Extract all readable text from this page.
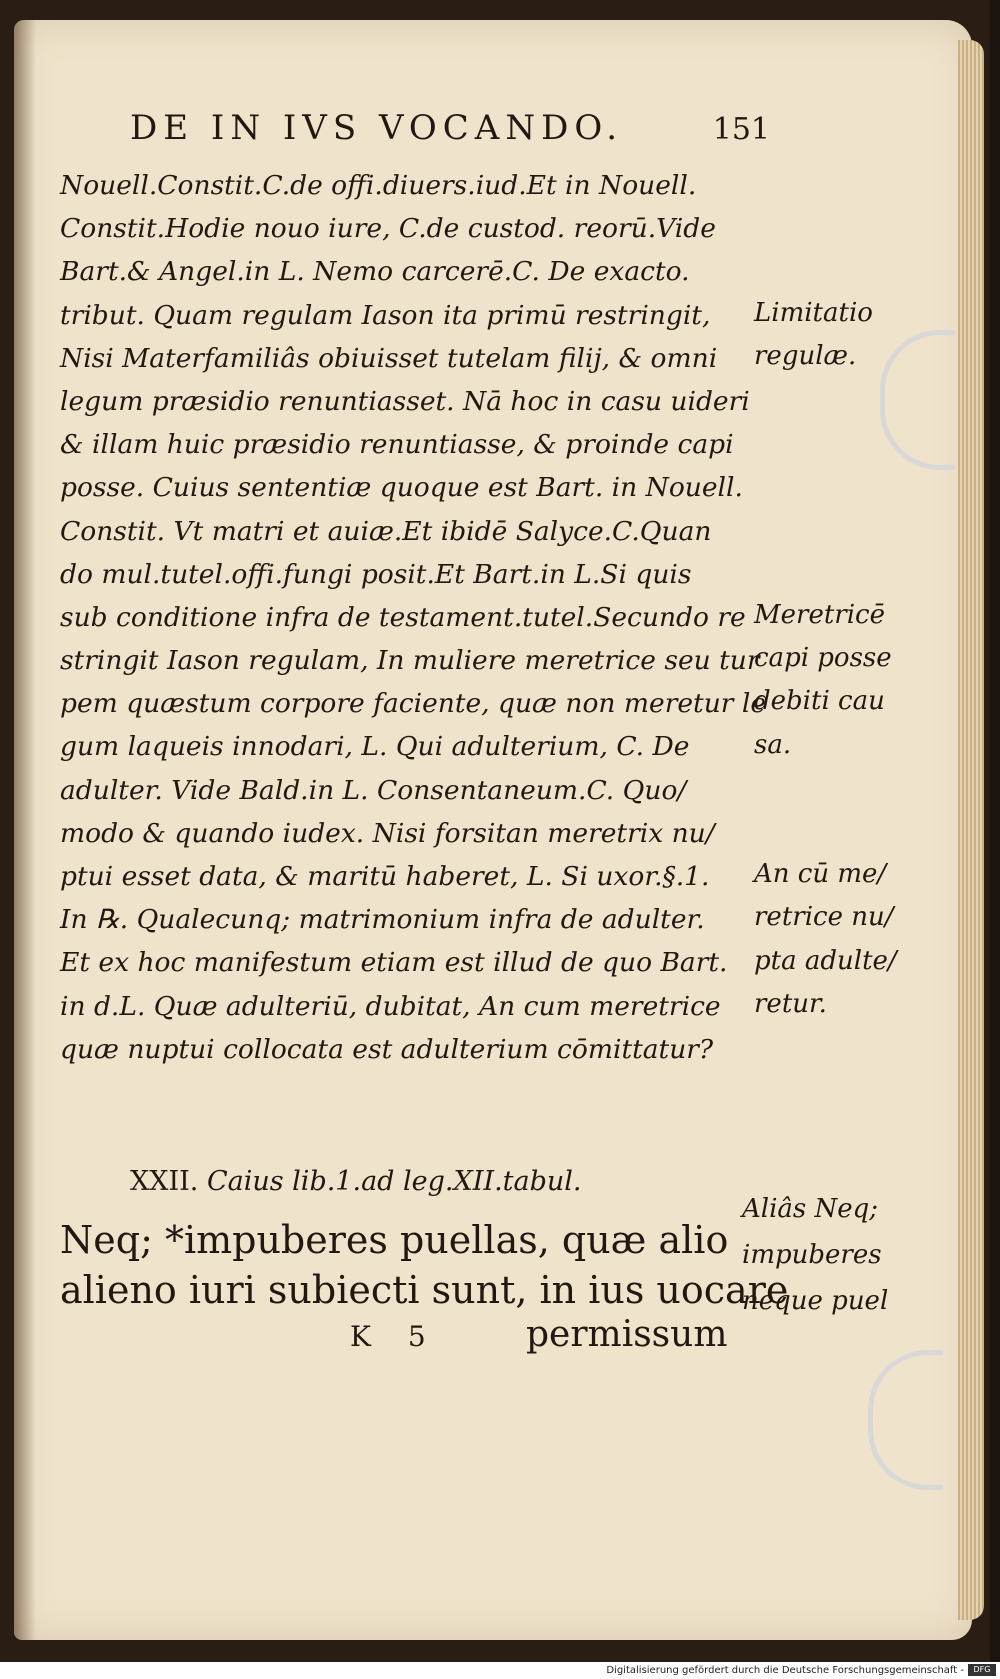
DE IN IVS VOCANDO.	151
Nouell.Constit.C.de offi.diuers.iud.Et in Nouell.
Constit.Hodie nouo iure, C.de custod. reorū.Vide
Bart.& Angel.in L. Nemo carcerē.C. De exacto.
tribut. Quam regulam Iason ita primū restringit,
Nisi Materfamiliâs obiuisset tutelam filij, & omni
legum præsidio renuntiasset. Nā hoc in casu uideri
& illam huic præsidio renuntiasse, & proinde capi
posse. Cuius sententiæ quoque est Bart. in Nouell.
Constit. Vt matri et auiæ.Et ibidē Salyce.C.Quan
do mul.tutel.offi.fungi posit.Et Bart.in L.Si quis
sub conditione infra de testament.tutel.Secundo re
stringit Iason regulam, In muliere meretrice seu tur
pem quæstum corpore faciente, quæ non meretur le
gum laqueis innodari, L. Qui adulterium, C. De
adulter. Vide Bald.in L. Consentaneum.C. Quo/
modo & quando iudex. Nisi forsitan meretrix nu/
ptui esset data, & maritū haberet, L. Si uxor.§.1.
In ℞. Qualecunq; matrimonium infra de adulter.
Et ex hoc manifestum etiam est illud de quo Bart.
in d.L. Quæ adulteriū, dubitat, An cum meretrice
quæ nuptui collocata est adulterium cōmittatur?
Limitatio
regulæ.
Meretricē
capi posse
debiti cau
sa.
An cū me/
retrice nu/
pta adulte/
retur.
XXII. Caius lib.1.ad leg.XII.tabul.
Neq; *impuberes puellas, quæ alio
alieno iuri subiecti sunt, in ius uocare
Aliâs Neq;
impuberes
neque puel
K 5 permissum
Digitalisierung gefördert durch die Deutsche Forschungsgemeinschaft -	DFG
